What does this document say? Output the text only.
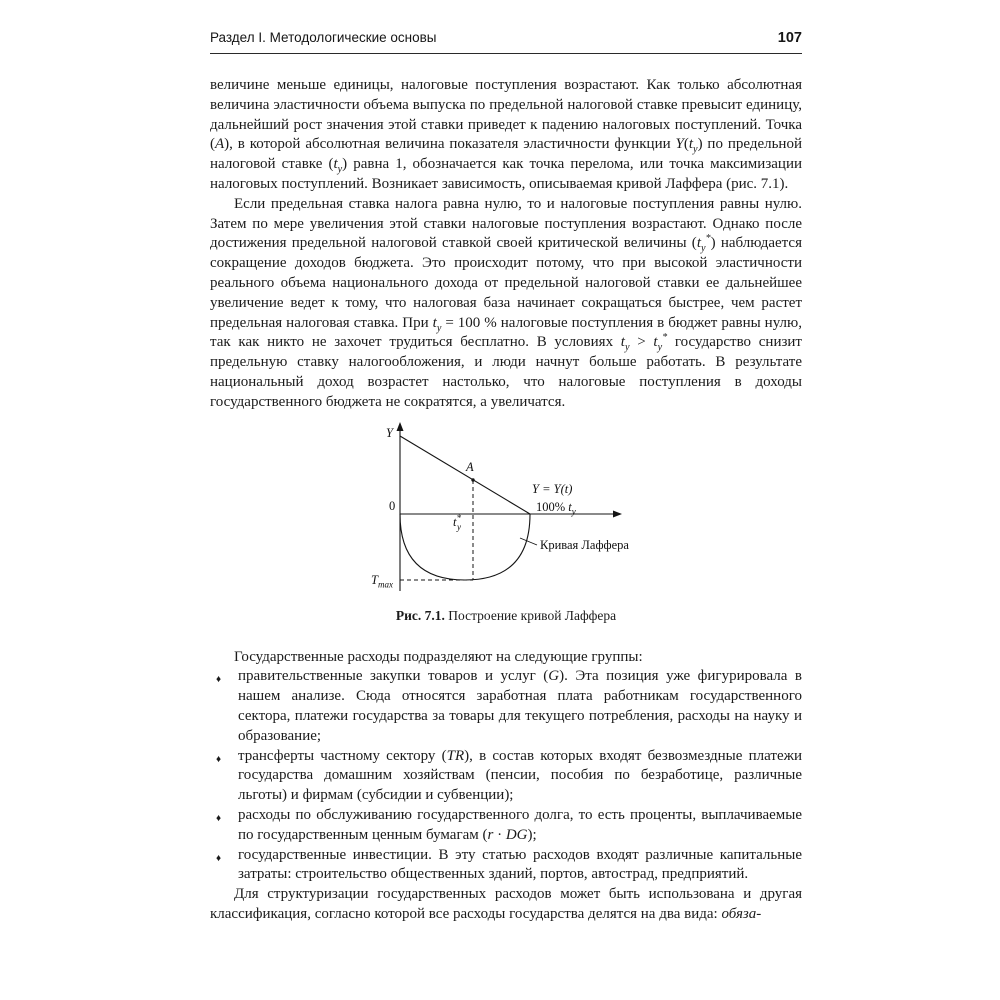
Раздел I. Методологические основы	107

величине меньше единицы, налоговые поступления возрастают. Как только абсолютная величина эластичности объема выпуска по предельной налоговой ставке превысит единицу, дальнейший рост значения этой ставки приведет к падению налоговых поступлений. Точка (А), в которой абсолютная величина показателя эластичности функции $Y(t_y)$ по предельной налоговой ставке $(t_y)$ равна 1, обозначается как точка перелома, или точка максимизации налоговых поступлений. Возникает зависимость, описываемая кривой Лаффера (рис. 7.1).

Если предельная ставка налога равна нулю, то и налоговые поступления равны нулю. Затем по мере увеличения этой ставки налоговые поступления возрастают. Однако после достижения предельной налоговой ставкой своей критической величины $(t_y^*)$ наблюдается сокращение доходов бюджета. Это происходит потому, что при высокой эластичности реального объема национального дохода от предельной налоговой ставки ее дальнейшее увеличение ведет к тому, что налоговая база начинает сокращаться быстрее, чем растет предельная налоговая ставка. При $t_y = 100$ % налоговые поступления в бюджет равны нулю, так как никто не захочет трудиться бесплатно. В условиях $t_y > t_y^*$ государство снизит предельную ставку налогообложения, и люди начнут больше работать. В результате национальный доход возрастет настолько, что налоговые поступления в доходы государственного бюджета не сократятся, а увеличатся.

Y
A
Y = Y(t)
0
t* y
100% $t_y$
Кривая Лаффера
$T_{max}$
Рис. 7.1. Построение кривой Лаффера

Государственные расходы подразделяют на следующие группы:

♦ правительственные закупки товаров и услуг (G). Эта позиция уже фигурировала в нашем анализе. Сюда относятся заработная плата работникам государственного сектора, платежи государства за товары для текущего потребления, расходы на науку и образование;
♦ трансферты частному сектору (TR), в состав которых входят безвозмездные платежи государства домашним хозяйствам (пенсии, пособия по безработице, различные льготы) и фирмам (субсидии и субвенции);
♦ расходы по обслуживанию государственного долга, то есть проценты, выплачиваемые по государственным ценным бумагам (r · DG);
♦ государственные инвестиции. В эту статью расходов входят различные капитальные затраты: строительство общественных зданий, портов, автострад, предприятий.

Для структуризации государственных расходов может быть использована и другая классификация, согласно которой все расходы государства делятся на два вида: обяза-
